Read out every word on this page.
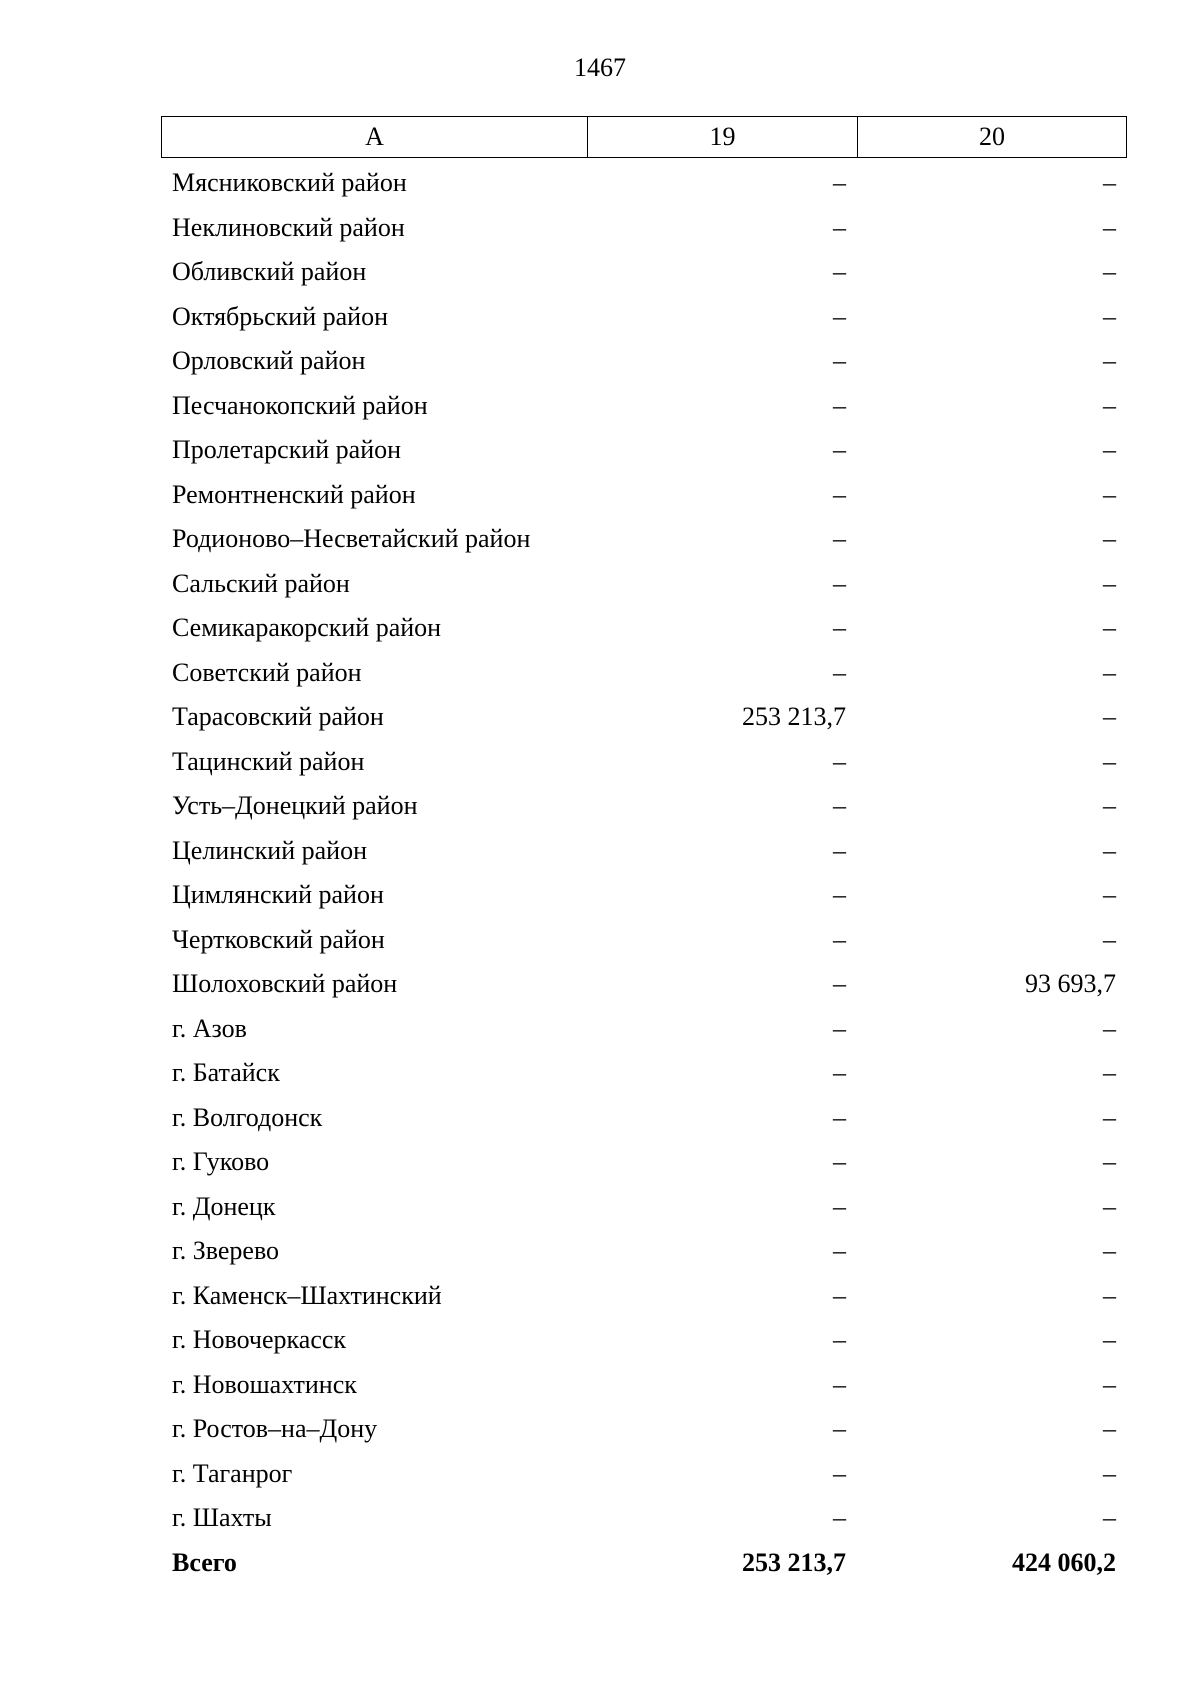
1467
А	19	20
Мясниковский район	–	–
Неклиновский район	–	–
Обливский район	–	–
Октябрьский район	–	–
Орловский район	–	–
Песчанокопский район	–	–
Пролетарский район	–	–
Ремонтненский район	–	–
Родионово–Несветайский район	–	–
Сальский район	–	–
Семикаракорский район	–	–
Советский район	–	–
Тарасовский район	253 213,7	–
Тацинский район	–	–
Усть–Донецкий район	–	–
Целинский район	–	–
Цимлянский район	–	–
Чертковский район	–	–
Шолоховский район	–	93 693,7
г. Азов	–	–
г. Батайск	–	–
г. Волгодонск	–	–
г. Гуково	–	–
г. Донецк	–	–
г. Зверево	–	–
г. Каменск–Шахтинский	–	–
г. Новочеркасск	–	–
г. Новошахтинск	–	–
г. Ростов–на–Дону	–	–
г. Таганрог	–	–
г. Шахты	–	–
Всего	253 213,7	424 060,2
